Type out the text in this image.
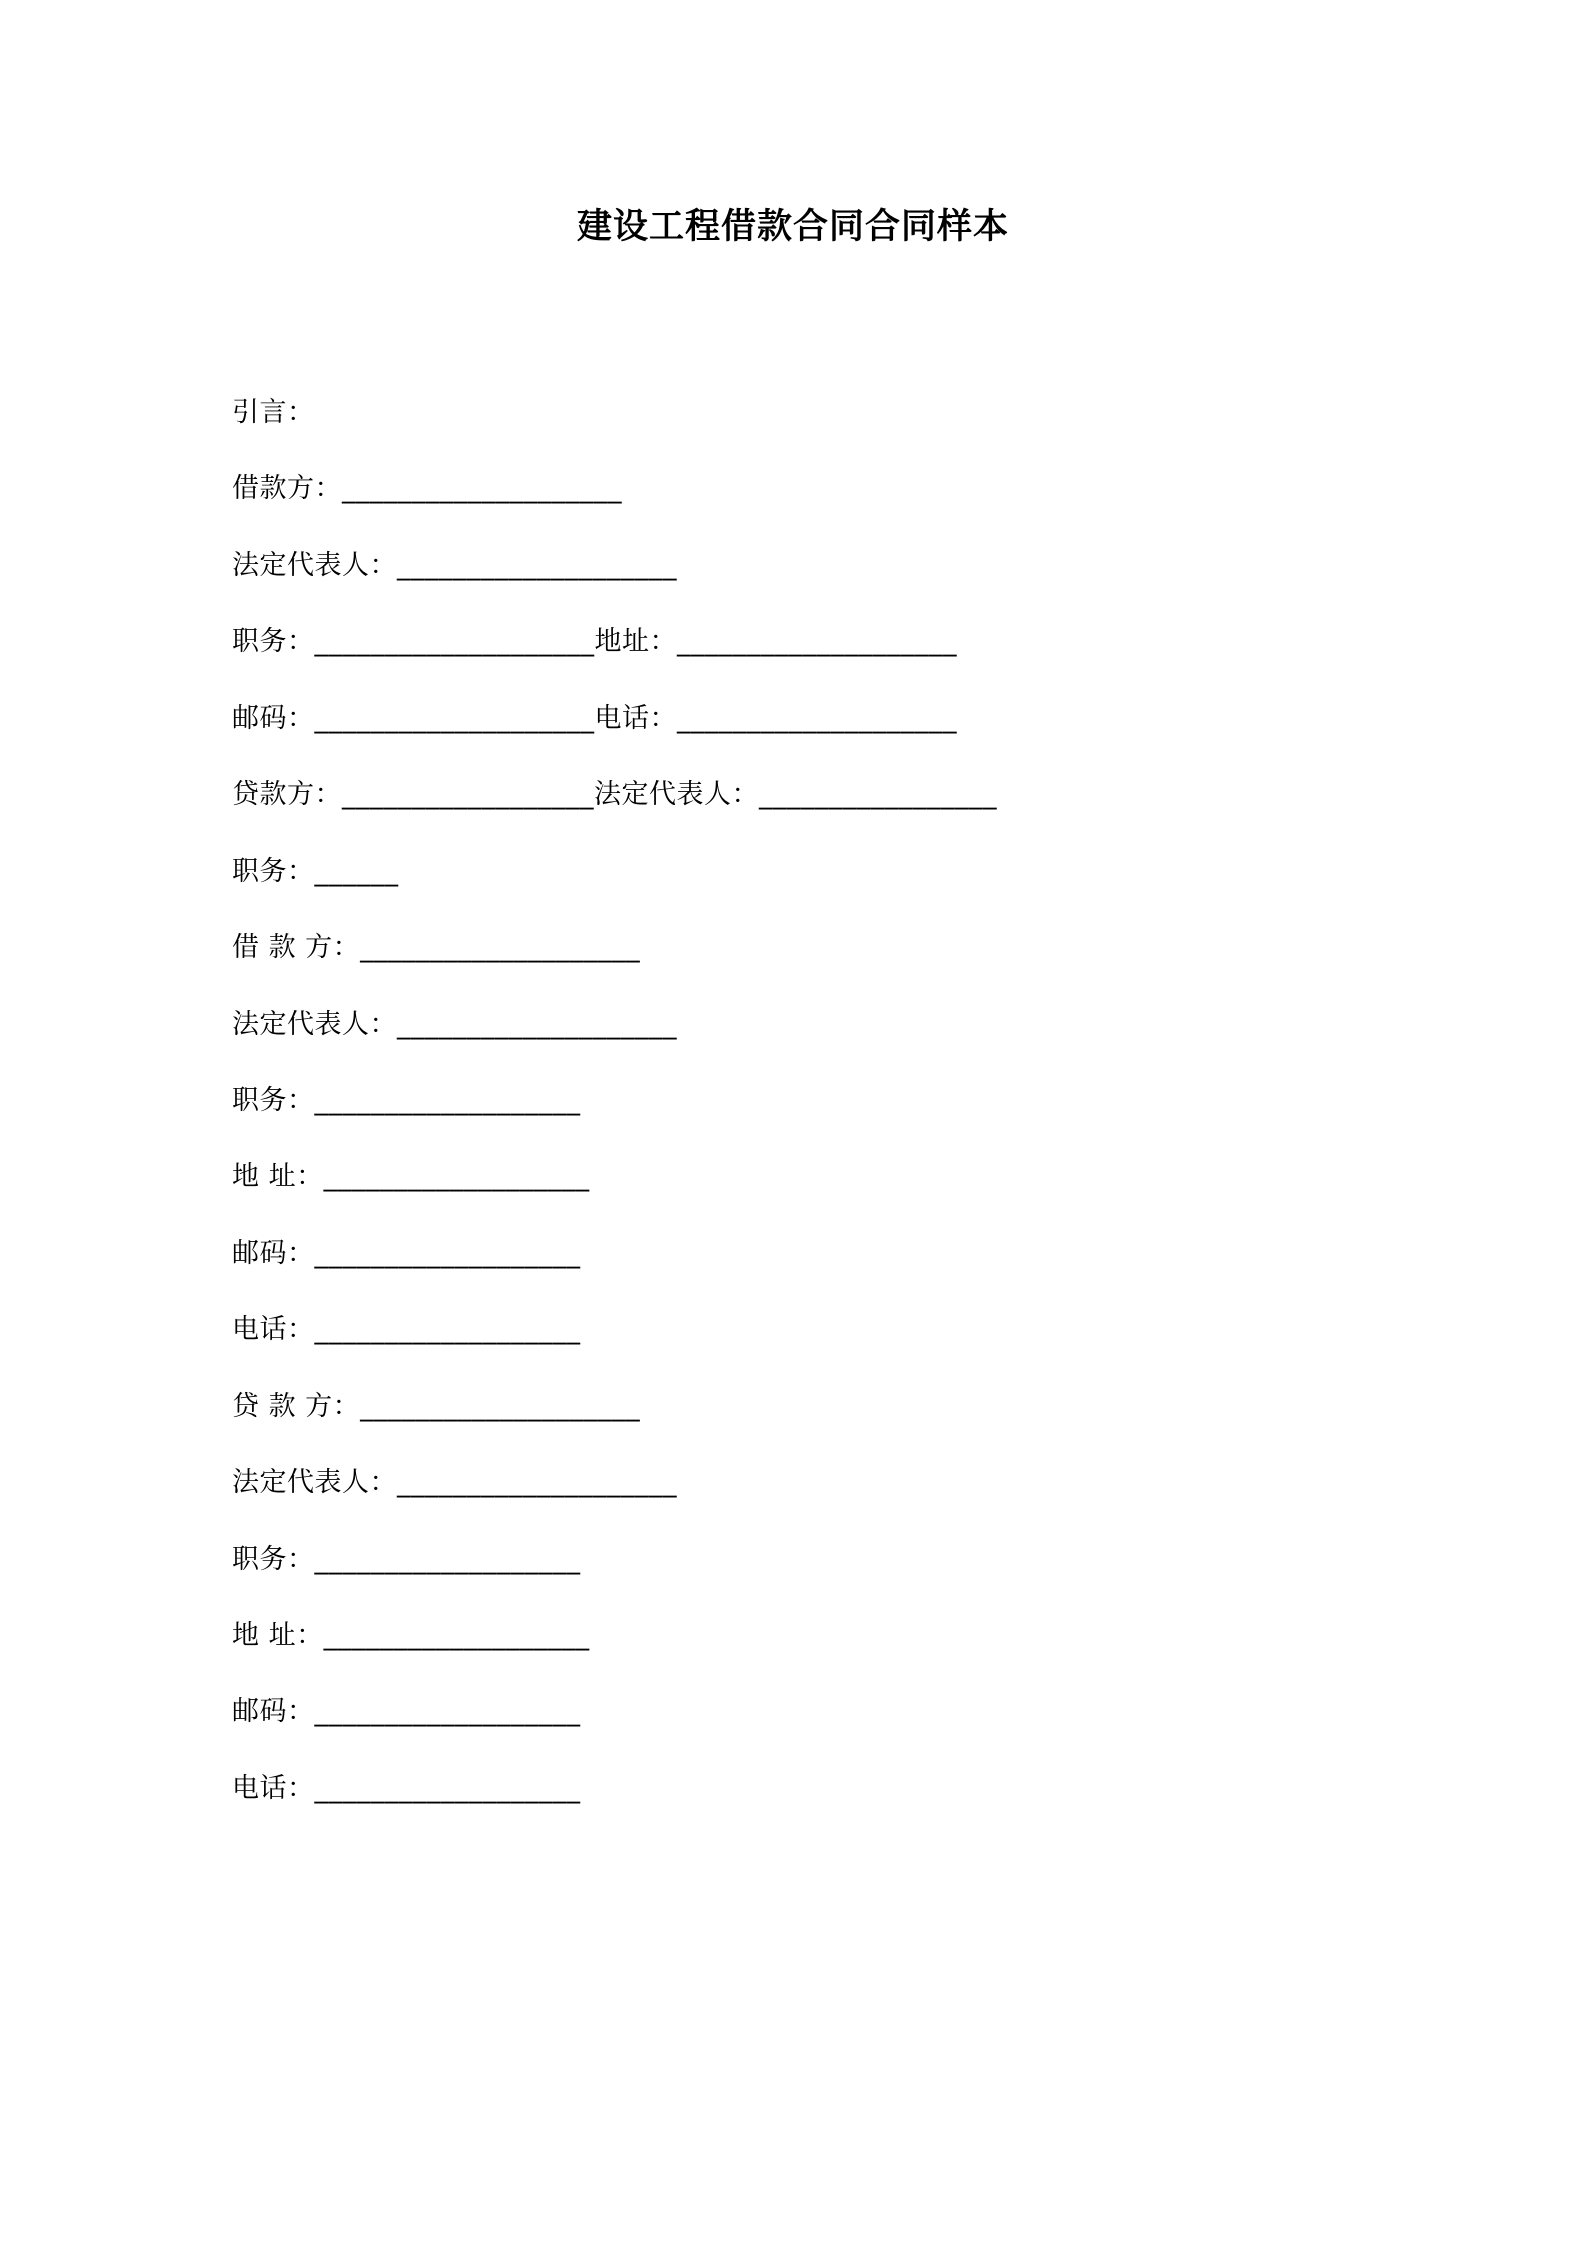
建设工程借款合同合同样本
引言：
借款方：____________________
法定代表人：____________________
职务：____________________地址：____________________
邮码：____________________电话：____________________
贷款方：__________________法定代表人：_________________
职务：______
借 款 方：____________________
法定代表人：____________________
职务：___________________
地 址：___________________
邮码：___________________
电话：___________________
贷 款 方：____________________
法定代表人：____________________
职务：___________________
地 址：___________________
邮码：___________________
电话：___________________
